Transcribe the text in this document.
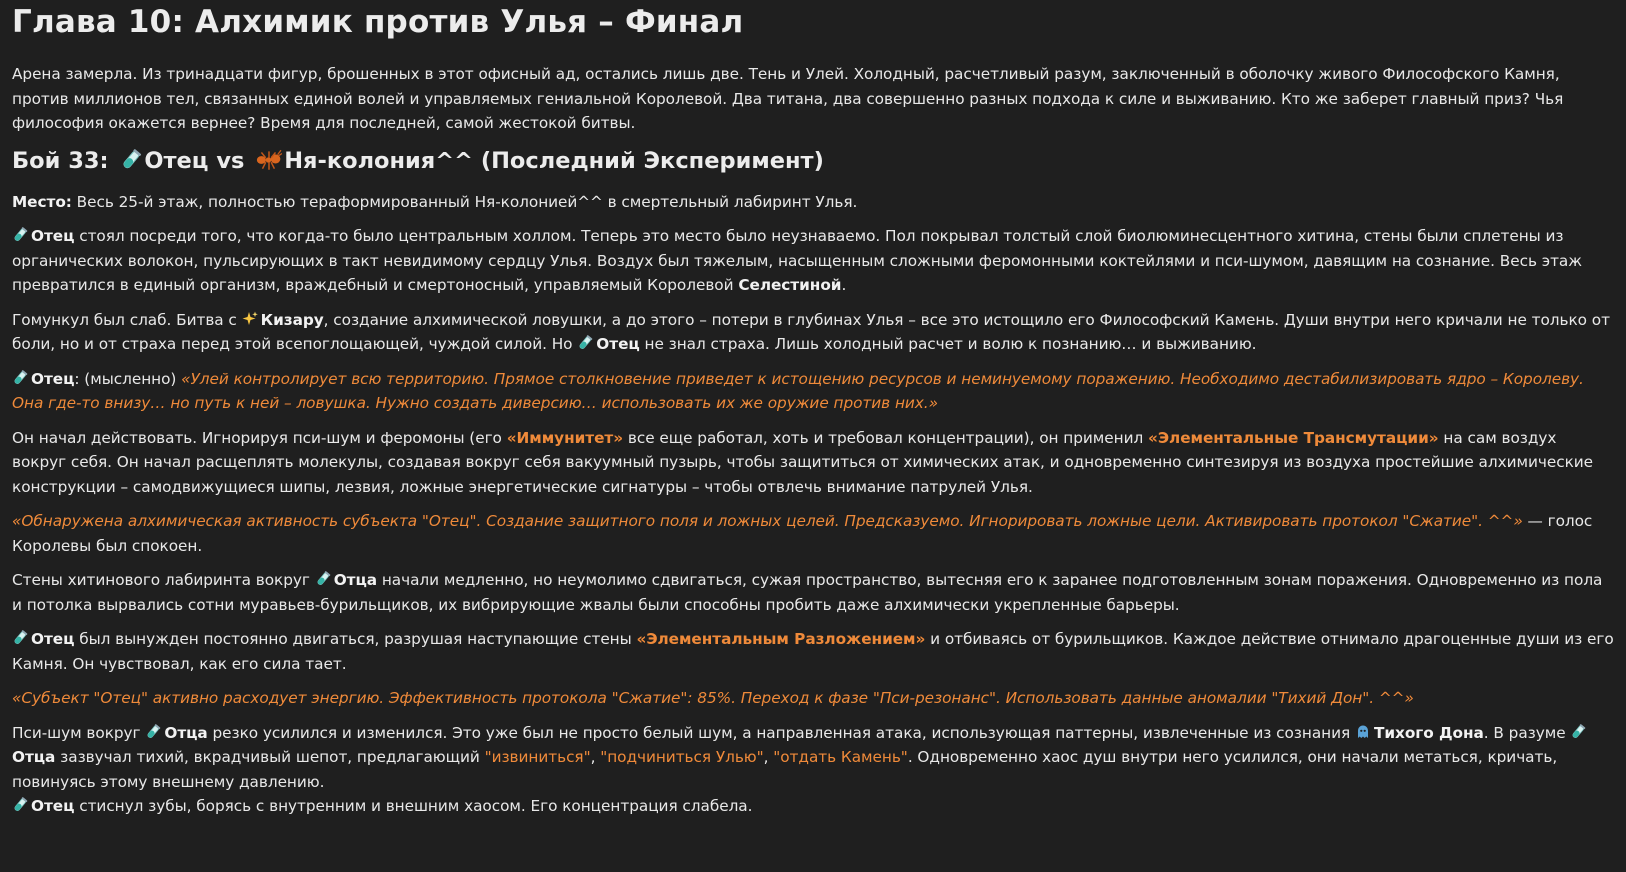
Глава 10: Алхимик против Улья – Финал

Арена замерла. Из тринадцати фигур, брошенных в этот офисный ад, остались лишь две. Тень и Улей. Холодный, расчетливый разум, заключенный в оболочку живого Философского Камня, против миллионов тел, связанных единой волей и управляемых гениальной Королевой. Два титана, два совершенно разных подхода к силе и выживанию. Кто же заберет главный приз? Чья философия окажется вернее? Время для последней, самой жестокой битвы.

Бой 33: Отец vs Ня-колония^^ (Последний Эксперимент)

Место: Весь 25-й этаж, полностью тераформированный Ня-колонией^^ в смертельный лабиринт Улья.

Отец стоял посреди того, что когда-то было центральным холлом. Теперь это место было неузнаваемо. Пол покрывал толстый слой биолюминесцентного хитина, стены были сплетены из органических волокон, пульсирующих в такт невидимому сердцу Улья. Воздух был тяжелым, насыщенным сложными феромонными коктейлями и пси-шумом, давящим на сознание. Весь этаж превратился в единый организм, враждебный и смертоносный, управляемый Королевой Селестиной.

Гомункул был слаб. Битва с Кизару, создание алхимической ловушки, а до этого – потери в глубинах Улья – все это истощило его Философский Камень. Души внутри него кричали не только от боли, но и от страха перед этой всепоглощающей, чуждой силой. Но Отец не знал страха. Лишь холодный расчет и волю к познанию… и выживанию.

Отец: (мысленно) «Улей контролирует всю территорию. Прямое столкновение приведет к истощению ресурсов и неминуемому поражению. Необходимо дестабилизировать ядро – Королеву. Она где-то внизу… но путь к ней – ловушка. Нужно создать диверсию… использовать их же оружие против них.»

Он начал действовать. Игнорируя пси-шум и феромоны (его «Иммунитет» все еще работал, хоть и требовал концентрации), он применил «Элементальные Трансмутации» на сам воздух вокруг себя. Он начал расщеплять молекулы, создавая вокруг себя вакуумный пузырь, чтобы защититься от химических атак, и одновременно синтезируя из воздуха простейшие алхимические конструкции – самодвижущиеся шипы, лезвия, ложные энергетические сигнатуры – чтобы отвлечь внимание патрулей Улья.

«Обнаружена алхимическая активность субъекта "Отец". Создание защитного поля и ложных целей. Предсказуемо. Игнорировать ложные цели. Активировать протокол "Сжатие". ^^» — голос Королевы был спокоен.

Стены хитинового лабиринта вокруг Отца начали медленно, но неумолимо сдвигаться, сужая пространство, вытесняя его к заранее подготовленным зонам поражения. Одновременно из пола и потолка вырвались сотни муравьев-бурильщиков, их вибрирующие жвалы были способны пробить даже алхимически укрепленные барьеры.

Отец был вынужден постоянно двигаться, разрушая наступающие стены «Элементальным Разложением» и отбиваясь от бурильщиков. Каждое действие отнимало драгоценные души из его Камня. Он чувствовал, как его сила тает.

«Субъект "Отец" активно расходует энергию. Эффективность протокола "Сжатие": 85%. Переход к фазе "Пси-резонанс". Использовать данные аномалии "Тихий Дон". ^^»

Пси-шум вокруг Отца резко усилился и изменился. Это уже был не просто белый шум, а направленная атака, использующая паттерны, извлеченные из сознания Тихого Дона. В разуме Отца зазвучал тихий, вкрадчивый шепот, предлагающий "извиниться", "подчиниться Улью", "отдать Камень". Одновременно хаос душ внутри него усилился, они начали метаться, кричать, повинуясь этому внешнему давлению.

Отец стиснул зубы, борясь с внутренним и внешним хаосом. Его концентрация слабела.
